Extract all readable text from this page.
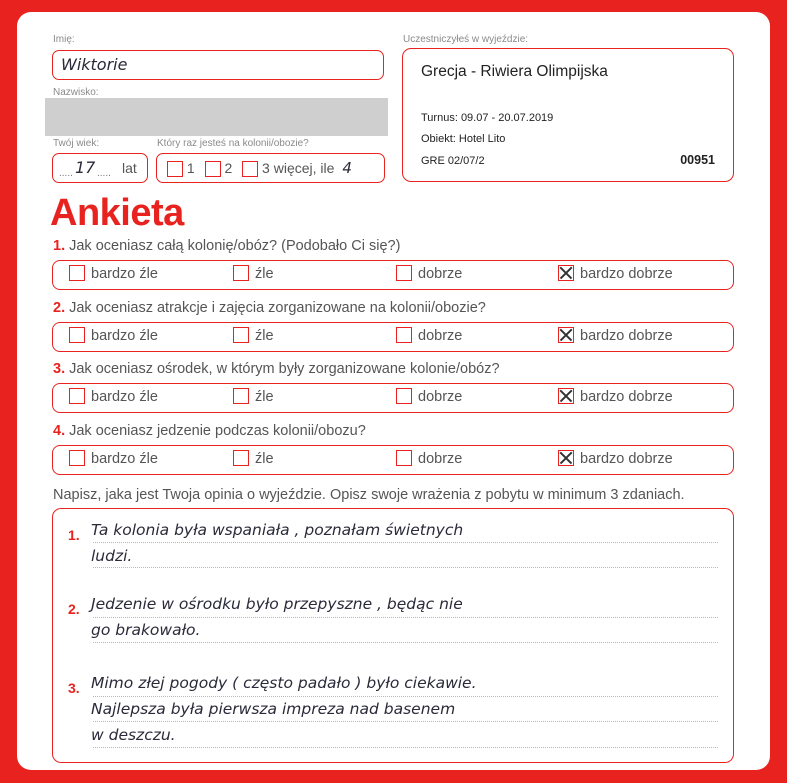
Imię:
Wiktorie
Nazwisko:
Twój wiek:
..... 17 ..... lat
Który raz jesteś na kolonii/obozie?
1 2 3 więcej, ile 4
Uczestniczyłeś w wyjeździe:
Grecja - Riwiera Olimpijska
Turnus: 09.07 - 20.07.2019
Obiekt: Hotel Lito
GRE 02/07/2	00951
Ankieta
1. Jak oceniasz całą kolonię/obóz? (Podobało Ci się?)
bardzo źle	źle	dobrze	bardzo dobrze
2. Jak oceniasz atrakcje i zajęcia zorganizowane na kolonii/obozie?
bardzo źle	źle	dobrze	bardzo dobrze
3. Jak oceniasz ośrodek, w którym były zorganizowane kolonie/obóz?
bardzo źle	źle	dobrze	bardzo dobrze
4. Jak oceniasz jedzenie podczas kolonii/obozu?
bardzo źle	źle	dobrze	bardzo dobrze
Napisz, jaka jest Twoja opinia o wyjeździe. Opisz swoje wrażenia z pobytu w minimum 3 zdaniach.
1. Ta kolonia była wspaniała , poznałam świetnych
ludzi.
2. Jedzenie w ośrodku było przepyszne , będąc nie
go brakowało.
3. Mimo złej pogody ( często padało ) było ciekawie.
Najlepsza była pierwsza impreza nad basenem
w deszczu.
